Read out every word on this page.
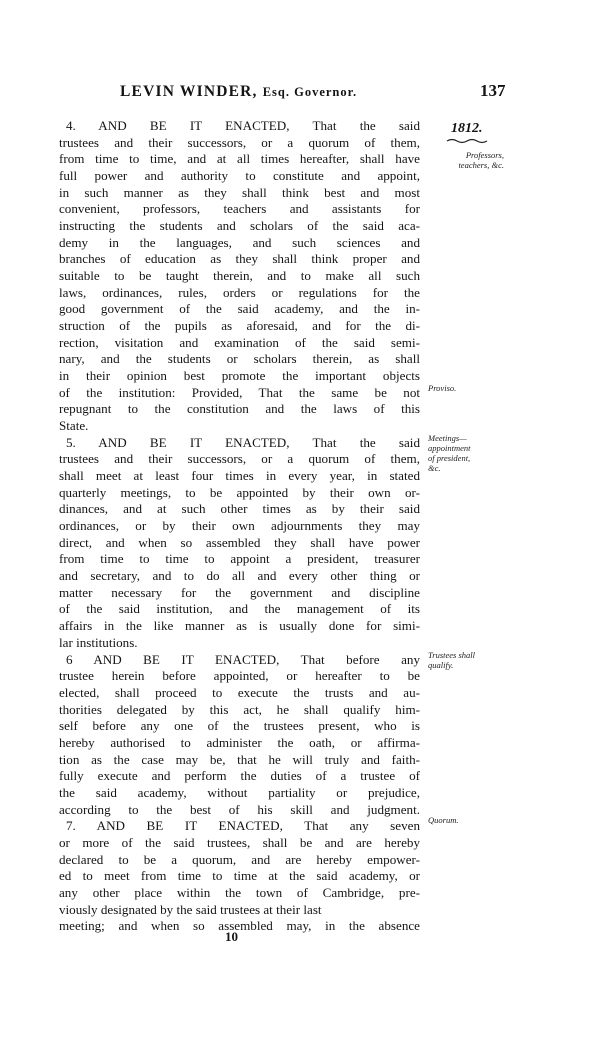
LEVIN WINDER, Esq. Governor.	137
1812.
Professors,
teachers, &c.
Proviso.
Meetings—
appointment
of president,
&c.
Trustees shall
qualify.
Quorum.
4. AND BE IT ENACTED, That the said
trustees and their successors, or a quorum of them,
from time to time, and at all times hereafter, shall have
full power and authority to constitute and appoint,
in such manner as they shall think best and most
convenient, professors, teachers and assistants for
instructing the students and scholars of the said aca-
demy in the languages, and such sciences and
branches of education as they shall think proper and
suitable to be taught therein, and to make all such
laws, ordinances, rules, orders or regulations for the
good government of the said academy, and the in-
struction of the pupils as aforesaid, and for the di-
rection, visitation and examination of the said semi-
nary, and the students or scholars therein, as shall
in their opinion best promote the important objects
of the institution: Provided, That the same be not
repugnant to the constitution and the laws of this
State.
5. AND BE IT ENACTED, That the said
trustees and their successors, or a quorum of them,
shall meet at least four times in every year, in stated
quarterly meetings, to be appointed by their own or-
dinances, and at such other times as by their said
ordinances, or by their own adjournments they may
direct, and when so assembled they shall have power
from time to time to appoint a president, treasurer
and secretary, and to do all and every other thing or
matter necessary for the government and discipline
of the said institution, and the management of its
affairs in the like manner as is usually done for simi-
lar institutions.
6 AND BE IT ENACTED, That before any
trustee herein before appointed, or hereafter to be
elected, shall proceed to execute the trusts and au-
thorities delegated by this act, he shall qualify him-
self before any one of the trustees present, who is
hereby authorised to administer the oath, or affirma-
tion as the case may be, that he will truly and faith-
fully execute and perform the duties of a trustee of
the said academy, without partiality or prejudice,
according to the best of his skill and judgment.
7. AND BE IT ENACTED, That any seven
or more of the said trustees, shall be and are hereby
declared to be a quorum, and are hereby empower-
ed to meet from time to time at the said academy, or
any other place within the town of Cambridge, pre-
viously designated by the said trustees at their last
meeting; and when so assembled may, in the absence
10
